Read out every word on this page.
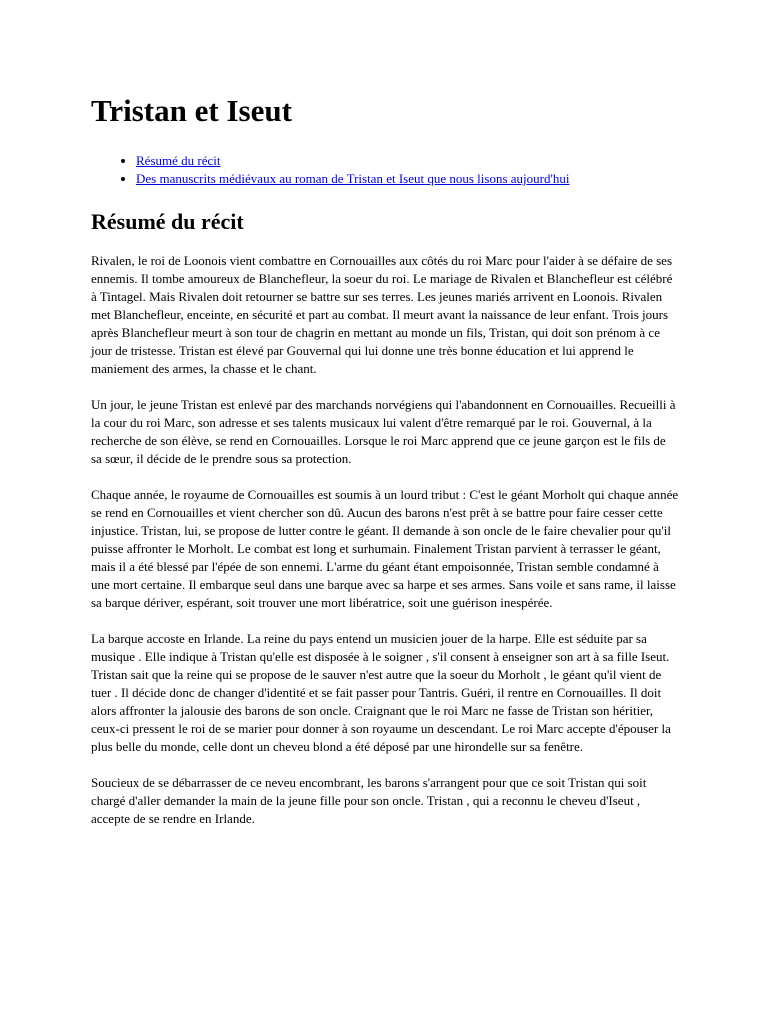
Tristan et Iseut
• Résumé du récit
• Des manuscrits médiévaux au roman de Tristan et Iseut que nous lisons aujourd'hui
Résumé du récit

Rivalen, le roi de Loonois vient combattre en Cornouailles aux côtés du roi Marc pour l'aider à se défaire de ses ennemis. Il tombe amoureux de Blanchefleur, la soeur du roi. Le mariage de Rivalen et Blanchefleur est célébré à Tintagel. Mais Rivalen doit retourner se battre sur ses terres. Les jeunes mariés arrivent en Loonois. Rivalen met Blanchefleur, enceinte, en sécurité et part au combat. Il meurt avant la naissance de leur enfant. Trois jours après Blanchefleur meurt à son tour de chagrin en mettant au monde un fils, Tristan, qui doit son prénom à ce jour de tristesse. Tristan est élevé par Gouvernal qui lui donne une très bonne éducation et lui apprend le maniement des armes, la chasse et le chant.

Un jour, le jeune Tristan est enlevé par des marchands norvégiens qui l'abandonnent en Cornouailles. Recueilli à la cour du roi Marc, son adresse et ses talents musicaux lui valent d'être remarqué par le roi. Gouvernal, à la recherche de son élève, se rend en Cornouailles. Lorsque le roi Marc apprend que ce jeune garçon est le fils de sa sœur, il décide de le prendre sous sa protection.

Chaque année, le royaume de Cornouailles est soumis à un lourd tribut : C'est le géant Morholt qui chaque année se rend en Cornouailles et vient chercher son dû. Aucun des barons n'est prêt à se battre pour faire cesser cette injustice. Tristan, lui, se propose de lutter contre le géant. Il demande à son oncle de le faire chevalier pour qu'il puisse affronter le Morholt. Le combat est long et surhumain. Finalement Tristan parvient à terrasser le géant, mais il a été blessé par l'épée de son ennemi. L'arme du géant étant empoisonnée, Tristan semble condamné à une mort certaine. Il embarque seul dans une barque avec sa harpe et ses armes. Sans voile et sans rame, il laisse sa barque dériver, espérant, soit trouver une mort libératrice, soit une guérison inespérée.

La barque accoste en Irlande. La reine du pays entend un musicien jouer de la harpe. Elle est séduite par sa musique . Elle indique à Tristan qu'elle est disposée à le soigner , s'il consent à enseigner son art à sa fille Iseut. Tristan sait que la reine qui se propose de le sauver n'est autre que la soeur du Morholt , le géant qu'il vient de tuer . Il décide donc de changer d'identité et se fait passer pour Tantris. Guéri, il rentre en Cornouailles. Il doit alors affronter la jalousie des barons de son oncle. Craignant que le roi Marc ne fasse de Tristan son héritier, ceux-ci pressent le roi de se marier pour donner à son royaume un descendant. Le roi Marc accepte d'épouser la plus belle du monde, celle dont un cheveu blond a été déposé par une hirondelle sur sa fenêtre.

Soucieux de se débarrasser de ce neveu encombrant, les barons s'arrangent pour que ce soit Tristan qui soit chargé d'aller demander la main de la jeune fille pour son oncle. Tristan , qui a reconnu le cheveu d'Iseut , accepte de se rendre en Irlande.
